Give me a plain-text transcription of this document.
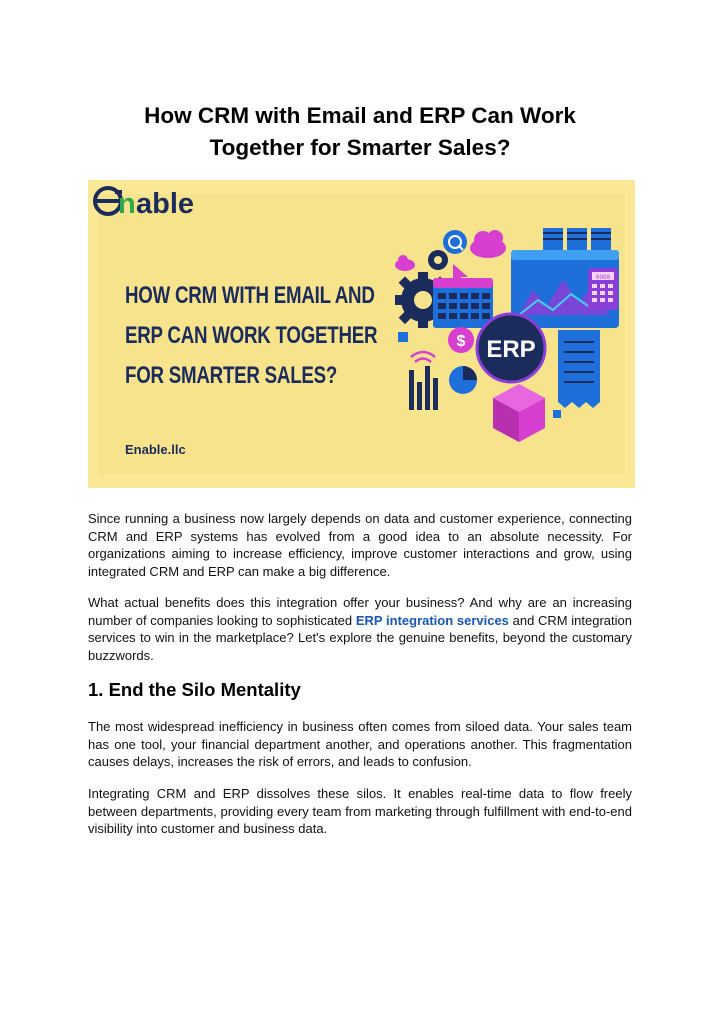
How CRM with Email and ERP Can Work
Together for Smarter Sales?
n able
HOW CRM WITH EMAIL AND
ERP CAN WORK TOGETHER
FOR SMARTER SALES?
Enable.llc
0000
$ ERP

Since running a business now largely depends on data and customer experience, connecting CRM and ERP systems has evolved from a good idea to an absolute necessity. For organizations aiming to increase efficiency, improve customer interactions and grow, using integrated CRM and ERP can make a big difference.

What actual benefits does this integration offer your business? And why are an increasing number of companies looking to sophisticated ERP integration services and CRM integration services to win in the marketplace? Let's explore the genuine benefits, beyond the customary buzzwords.

1. End the Silo Mentality

The most widespread inefficiency in business often comes from siloed data. Your sales team has one tool, your financial department another, and operations another. This fragmentation causes delays, increases the risk of errors, and leads to confusion.

Integrating CRM and ERP dissolves these silos. It enables real-time data to flow freely between departments, providing every team from marketing through fulfillment with end-to-end visibility into customer and business data.
